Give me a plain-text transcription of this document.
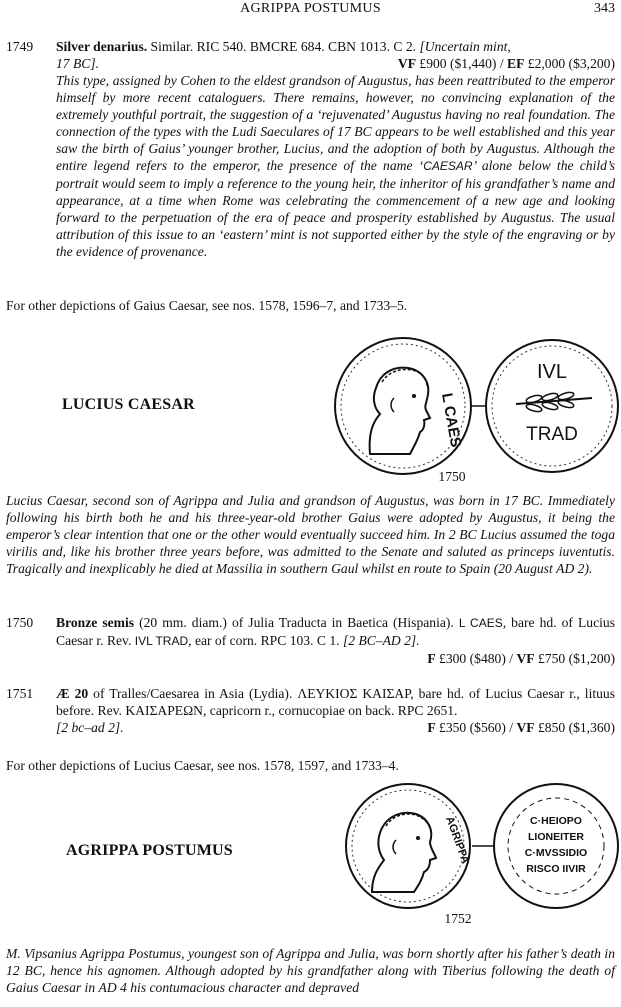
AGRIPPA POSTUMUS	343
1749 Silver denarius. Similar. RIC 540. BMCRE 684. CBN 1013. C 2. [Uncertain mint,
17 BC].	VF £900 ($1,440) / EF £2,000 ($3,200)
This type, assigned by Cohen to the eldest grandson of Augustus, has been reattributed to the emperor himself by more recent cataloguers. There remains, however, no convincing explanation of the extremely youthful portrait, the suggestion of a ‘rejuvenated’ Augustus having no real foundation. The connection of the types with the Ludi Saeculares of 17 BC appears to be well established and this year saw the birth of Gaius’ younger brother, Lucius, and the adoption of both by Augustus. Although the entire legend refers to the emperor, the presence of the name ‘CAESAR’ alone below the child’s portrait would seem to imply a reference to the young heir, the inheritor of his grandfather’s name and appearance, at a time when Rome was celebrating the commencement of a new age and looking forward to the perpetuation of the era of peace and prosperity established by Augustus. The usual attribution of this issue to an ‘eastern’ mint is not supported either by the style of the engraving or by the evidence of provenance.
For other depictions of Gaius Caesar, see nos. 1578, 1596–7, and 1733–5.
LUCIUS CAESAR	L CAES
IVL
TRAD
1750
Lucius Caesar, second son of Agrippa and Julia and grandson of Augustus, was born in 17 BC. Immediately following his birth both he and his three-year-old brother Gaius were adopted by Augustus, it being the emperor’s clear intention that one or the other would eventually succeed him. In 2 BC Lucius assumed the toga virilis and, like his brother three years before, was admitted to the Senate and saluted as princeps iuventutis. Tragically and inexplicably he died at Massilia in southern Gaul whilst en route to Spain (20 August AD 2).
1750 Bronze semis (20 mm. diam.) of Julia Traducta in Baetica (Hispania). L CAES, bare hd. of Lucius Caesar r. Rev. IVL TRAD, ear of corn. RPC 103. C 1. [2 BC–AD 2].
F £300 ($480) / VF £750 ($1,200)
1751 Æ 20 of Tralles/Caesarea in Asia (Lydia). ΛΕΥΚΙΟΣ ΚΑΙΣΑΡ, bare hd. of Lucius Caesar r., lituus before. Rev. ΚΑΙΣΑΡΕΩΝ, capricorn r., cornucopiae on back. RPC 2651.
[2 bc–ad 2].	F £350 ($560) / VF £850 ($1,360)
For other depictions of Lucius Caesar, see nos. 1578, 1597, and 1733–4.
AGRIPPA POSTUMUS	AGRIPPA	C·HEIOPO
LIONEITER
C·MVSSIDIO
RISCO IIVIR
1752
M. Vipsanius Agrippa Postumus, youngest son of Agrippa and Julia, was born shortly after his father’s death in 12 BC, hence his agnomen. Although adopted by his grandfather along with Tiberius following the death of Gaius Caesar in AD 4 his contumacious character and depraved
